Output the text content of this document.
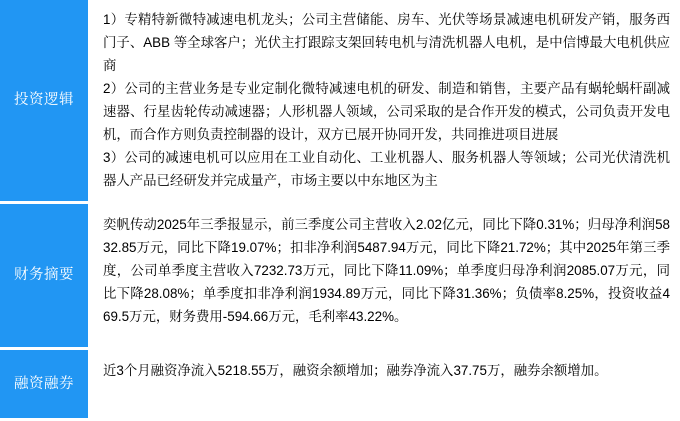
投资逻辑

1）专精特新微特减速电机龙头；公司主营储能、房车、光伏等场景减速电机研发产销，服务西门子、ABB 等全球客户；光伏主打跟踪支架回转电机与清洗机器人电机，是中信博最大电机供应商

2）公司的主营业务是专业定制化微特减速电机的研发、制造和销售，主要产品有蜗轮蜗杆副减速器、行星齿轮传动减速器；人形机器人领域，公司采取的是合作开发的模式，公司负责开发电机，而合作方则负责控制器的设计，双方已展开协同开发，共同推进项目进展

3）公司的减速电机可以应用在工业自动化、工业机器人、服务机器人等领域；公司光伏清洗机器人产品已经研发并完成量产，市场主要以中东地区为主

财务摘要

奕帆传动2025年三季报显示，前三季度公司主营收入2.02亿元，同比下降0.31%；归母净利润5832.85万元，同比下降19.07%；扣非净利润5487.94万元，同比下降21.72%；其中2025年第三季度，公司单季度主营收入7232.73万元，同比下降11.09%；单季度归母净利润2085.07万元，同比下降28.08%；单季度扣非净利润1934.89万元，同比下降31.36%；负债率8.25%，投资收益469.5万元，财务费用-594.66万元，毛利率43.22%。

融资融券

近3个月融资净流入5218.55万，融资余额增加；融券净流入37.75万，融券余额增加。
